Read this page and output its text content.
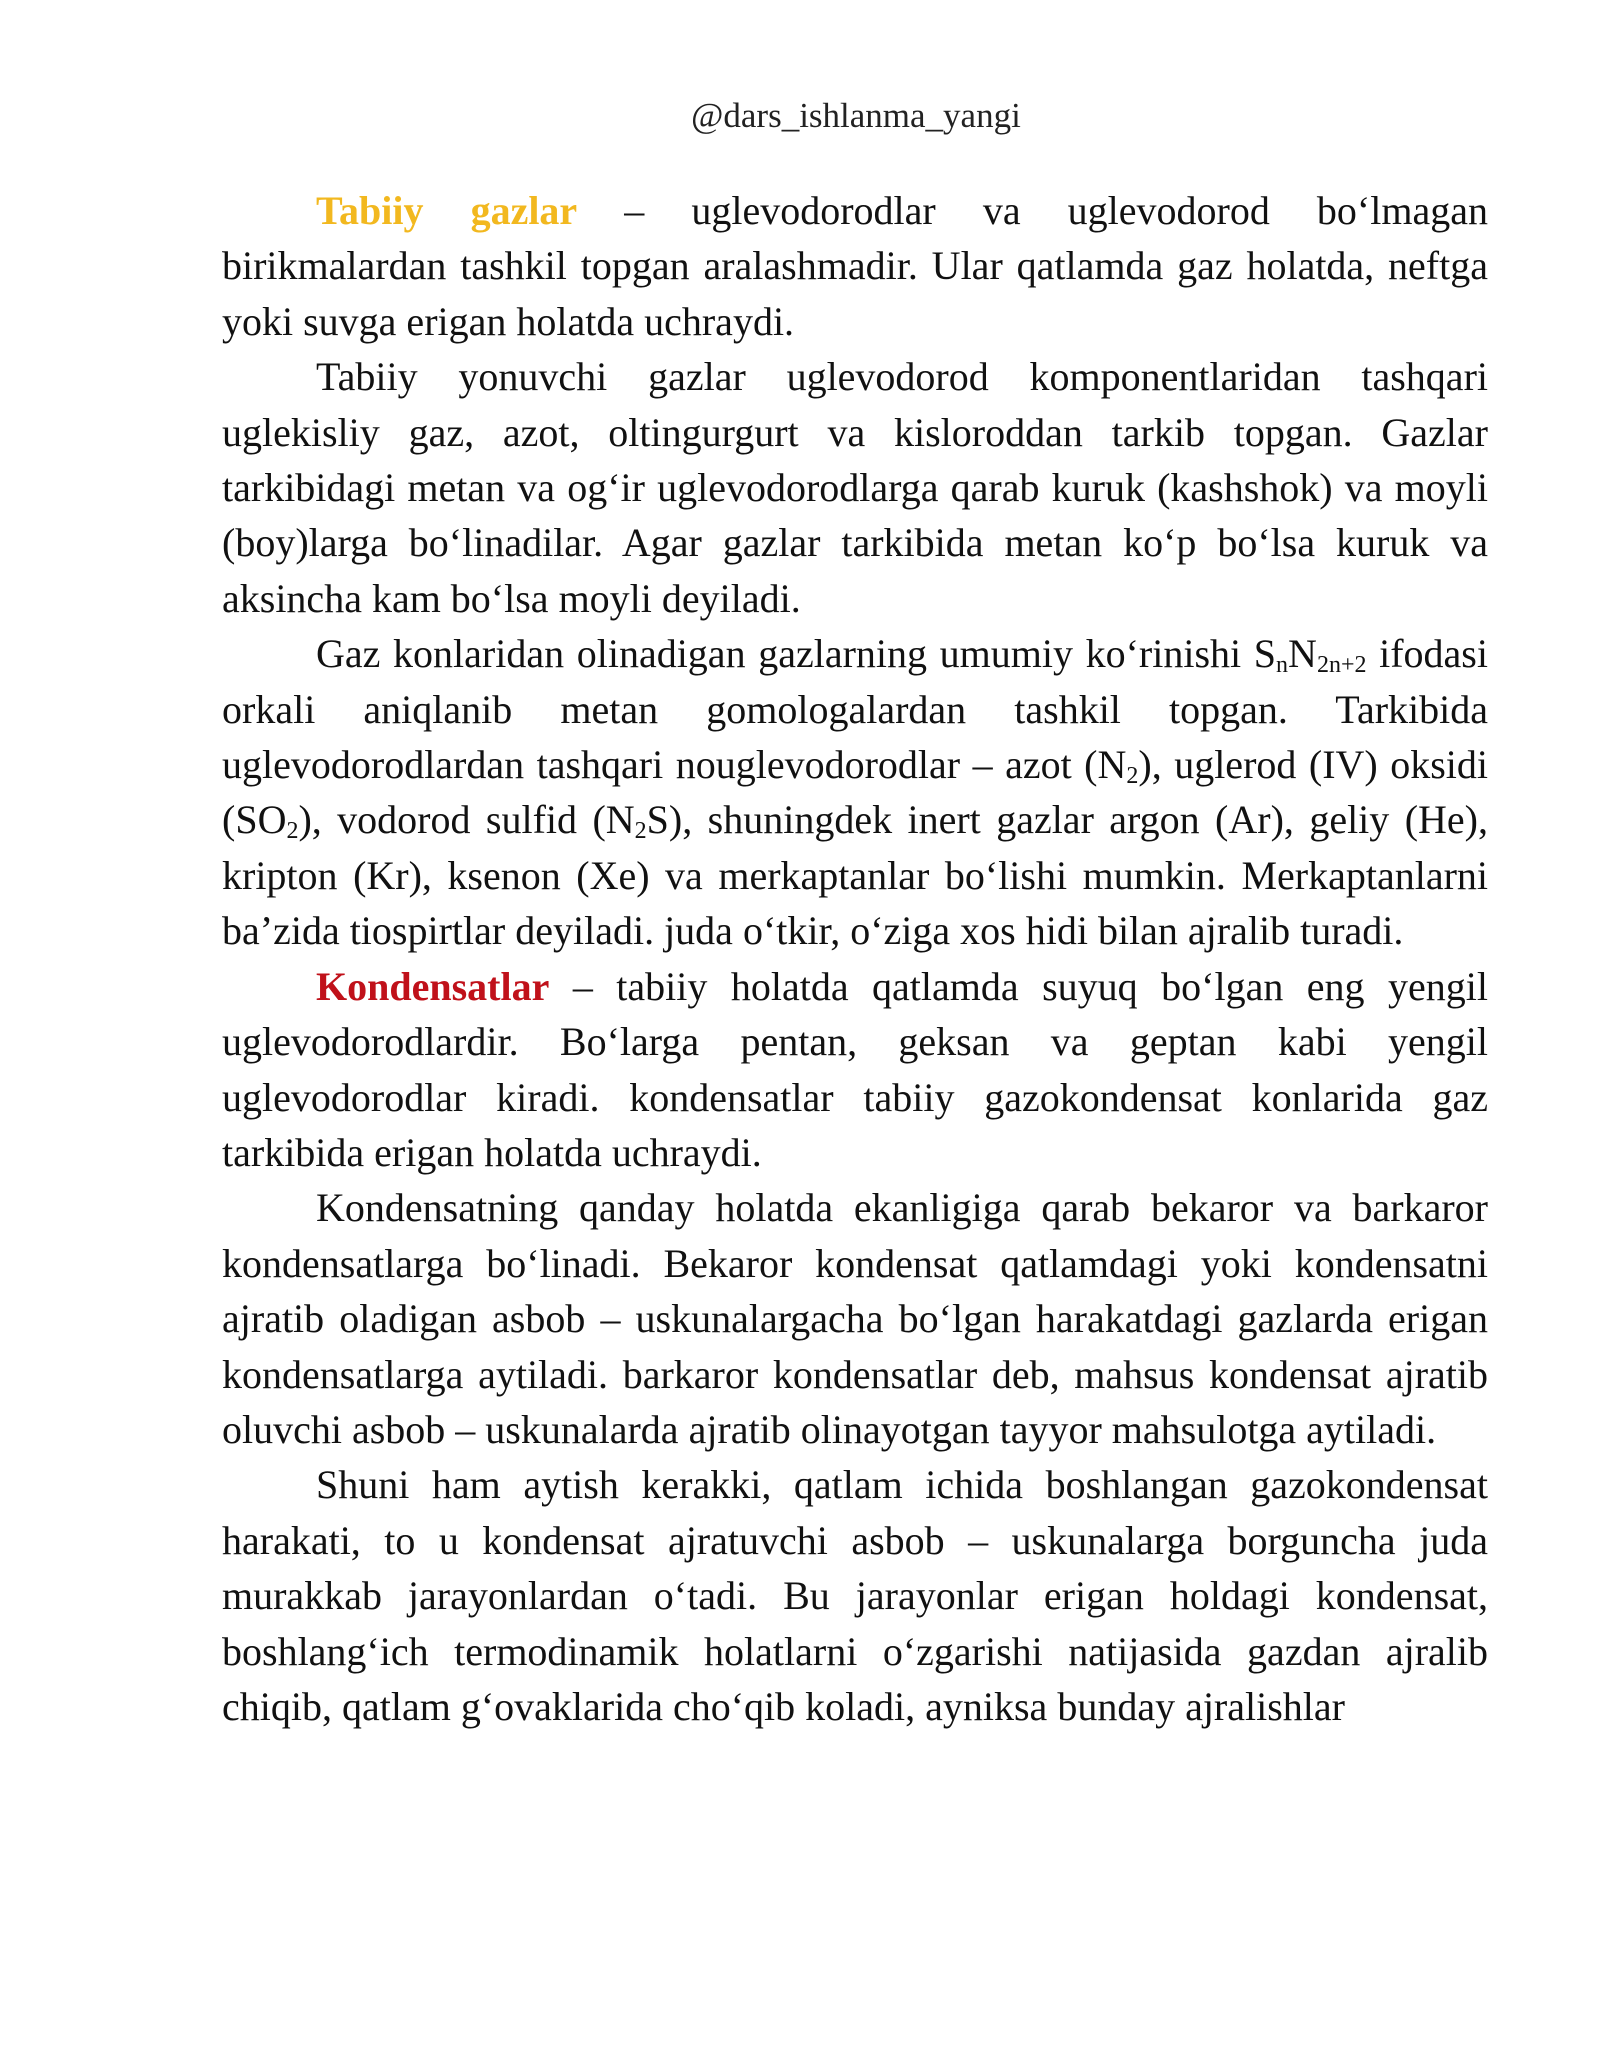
@dars_ishlanma_yangi

Tabiiy gazlar – uglevodorodlar va uglevodorod boʻlmagan birikmalardan tashkil topgan aralashmadir. Ular qatlamda gaz holatda, neftga yoki suvga erigan holatda uchraydi.

Tabiiy yonuvchi gazlar uglevodorod komponentlaridan tashqari uglekisliy gaz, azot, oltingurgurt va kisloroddan tarkib topgan. Gazlar tarkibidagi metan va ogʻir uglevodorodlarga qarab kuruk (kashshok) va moyli (boy)larga boʻlinadilar. Agar gazlar tarkibida metan koʻp boʻlsa kuruk va aksincha kam boʻlsa moyli deyiladi.

Gaz konlaridan olinadigan gazlarning umumiy koʻrinishi $S_nN_{2n+2}$ ifodasi orkali aniqlanib metan gomologalardan tashkil topgan. Tarkibida uglevodorodlardan tashqari nouglevodorodlar – azot $(N_2)$, uglerod (IV) oksidi $(SO_2)$, vodorod sulfid $(N_2S)$, shuningdek inert gazlar argon (Ar), geliy (He), kripton (Kr), ksenon (Xe) va merkaptanlar boʻlishi mumkin. Merkaptanlarni baʼzida tiospirtlar deyiladi. juda oʻtkir, oʻziga xos hidi bilan ajralib turadi.

Kondensatlar – tabiiy holatda qatlamda suyuq boʻlgan eng yengil uglevodorodlardir. Boʻlarga pentan, geksan va geptan kabi yengil uglevodorodlar kiradi. kondensatlar tabiiy gazokondensat konlarida gaz tarkibida erigan holatda uchraydi.

Kondensatning qanday holatda ekanligiga qarab bekaror va barkaror kondensatlarga boʻlinadi. Bekaror kondensat qatlamdagi yoki kondensatni ajratib oladigan asbob – uskunalargacha boʻlgan harakatdagi gazlarda erigan kondensatlarga aytiladi. barkaror kondensatlar deb, mahsus kondensat ajratib oluvchi asbob – uskunalarda ajratib olinayotgan tayyor mahsulotga aytiladi.

Shuni ham aytish kerakki, qatlam ichida boshlangan gazokondensat harakati, to u kondensat ajratuvchi asbob – uskunalarga borguncha juda murakkab jarayonlardan oʻtadi. Bu jarayonlar erigan holdagi kondensat, boshlangʻich termodinamik holatlarni oʻzgarishi natijasida gazdan ajralib chiqib, qatlam gʻovaklarida choʻqib koladi, ayniksa bunday ajralishlar
